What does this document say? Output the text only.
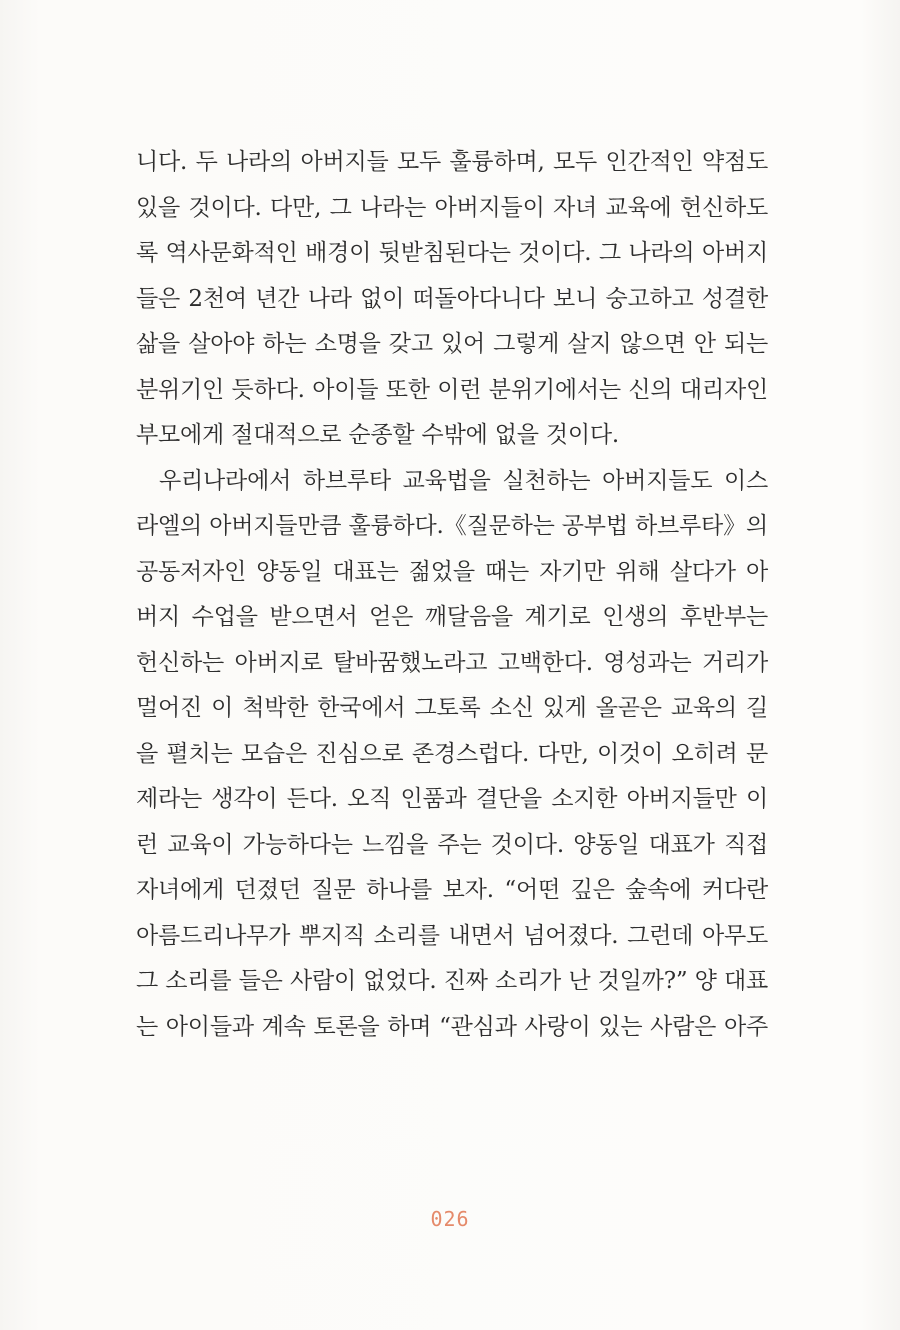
니다. 두 나라의 아버지들 모두 훌륭하며, 모두 인간적인 약점도
있을 것이다. 다만, 그 나라는 아버지들이 자녀 교육에 헌신하도
록 역사문화적인 배경이 뒷받침된다는 것이다. 그 나라의 아버지
들은 2천여 년간 나라 없이 떠돌아다니다 보니 숭고하고 성결한
삶을 살아야 하는 소명을 갖고 있어 그렇게 살지 않으면 안 되는
분위기인 듯하다. 아이들 또한 이런 분위기에서는 신의 대리자인
부모에게 절대적으로 순종할 수밖에 없을 것이다.
우리나라에서 하브루타 교육법을 실천하는 아버지들도 이스
라엘의 아버지들만큼 훌륭하다.《질문하는 공부법 하브루타》의
공동저자인 양동일 대표는 젊었을 때는 자기만 위해 살다가 아
버지 수업을 받으면서 얻은 깨달음을 계기로 인생의 후반부는
헌신하는 아버지로 탈바꿈했노라고 고백한다. 영성과는 거리가
멀어진 이 척박한 한국에서 그토록 소신 있게 올곧은 교육의 길
을 펼치는 모습은 진심으로 존경스럽다. 다만, 이것이 오히려 문
제라는 생각이 든다. 오직 인품과 결단을 소지한 아버지들만 이
런 교육이 가능하다는 느낌을 주는 것이다. 양동일 대표가 직접
자녀에게 던졌던 질문 하나를 보자. “어떤 깊은 숲속에 커다란
아름드리나무가 뿌지직 소리를 내면서 넘어졌다. 그런데 아무도
그 소리를 들은 사람이 없었다. 진짜 소리가 난 것일까?” 양 대표
는 아이들과 계속 토론을 하며 “관심과 사랑이 있는 사람은 아주
026
